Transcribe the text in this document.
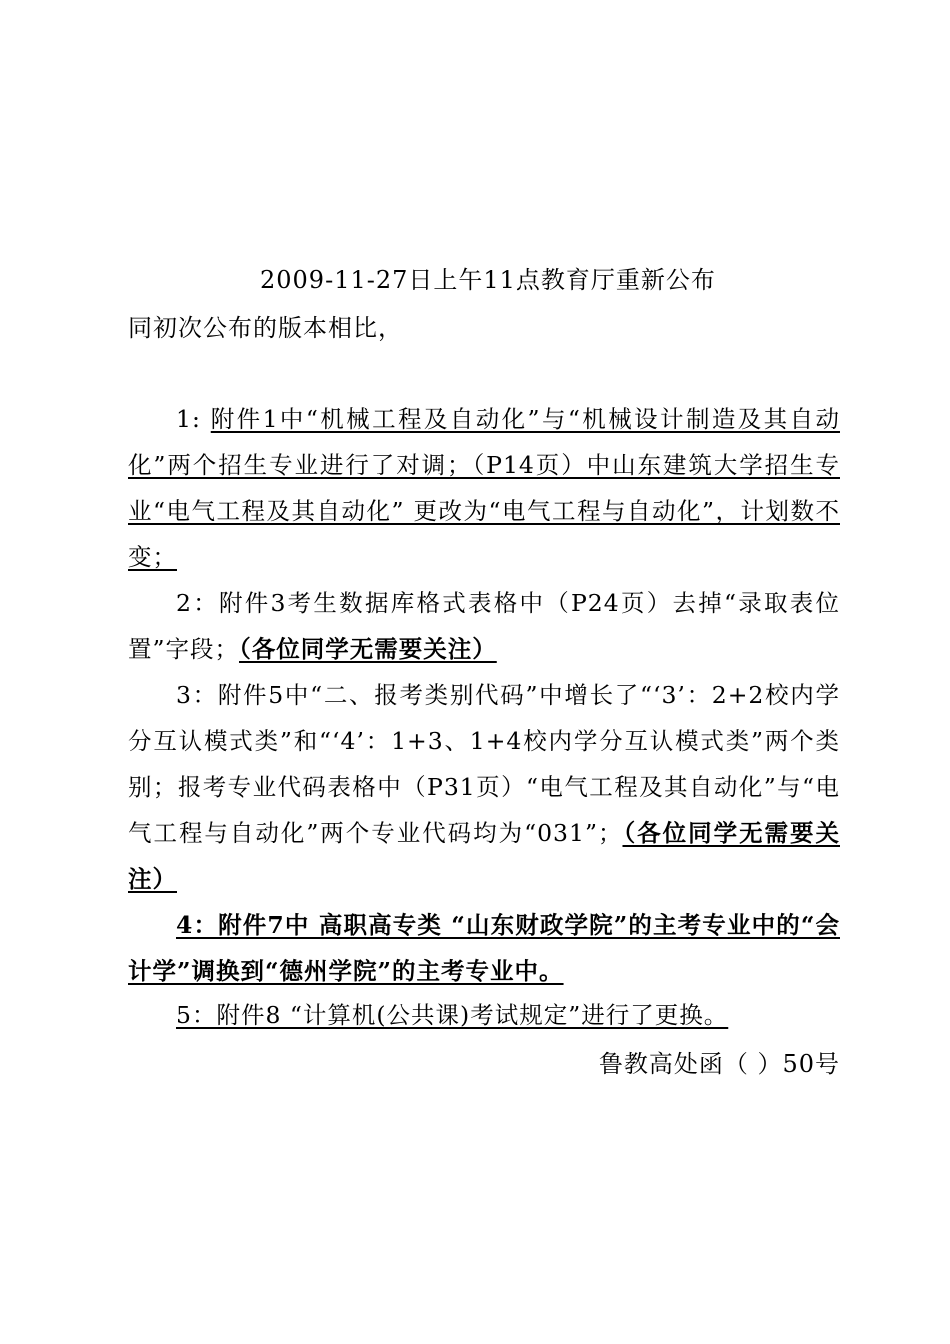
2009-11-27日上午11点教育厅重新公布
同初次公布的版本相比，
1: 附件1中“机械工程及自动化”与“机械设计制造及其自动化”两个招生专业进行了对调；（P14页）中山东建筑大学招生专业“电气工程及其自动化” 更改为“电气工程与自动化”，计划数不变；
2：附件3考生数据库格式表格中（P24页）去掉“录取表位置”字段；（各位同学无需要关注）
3：附件5中“二、报考类别代码”中增长了“‘3’：2+2校内学分互认模式类”和“‘4’：1+3、1+4校内学分互认模式类”两个类别；报考专业代码表格中（P31页）“电气工程及其自动化”与“电气工程与自动化”两个专业代码均为“031”；（各位同学无需要关注）
4：附件7中 高职高专类 “山东财政学院”的主考专业中的“会计学”调换到“德州学院”的主考专业中。
5：附件8 “计算机(公共课)考试规定”进行了更换。
鲁教高处函（ ）50号
